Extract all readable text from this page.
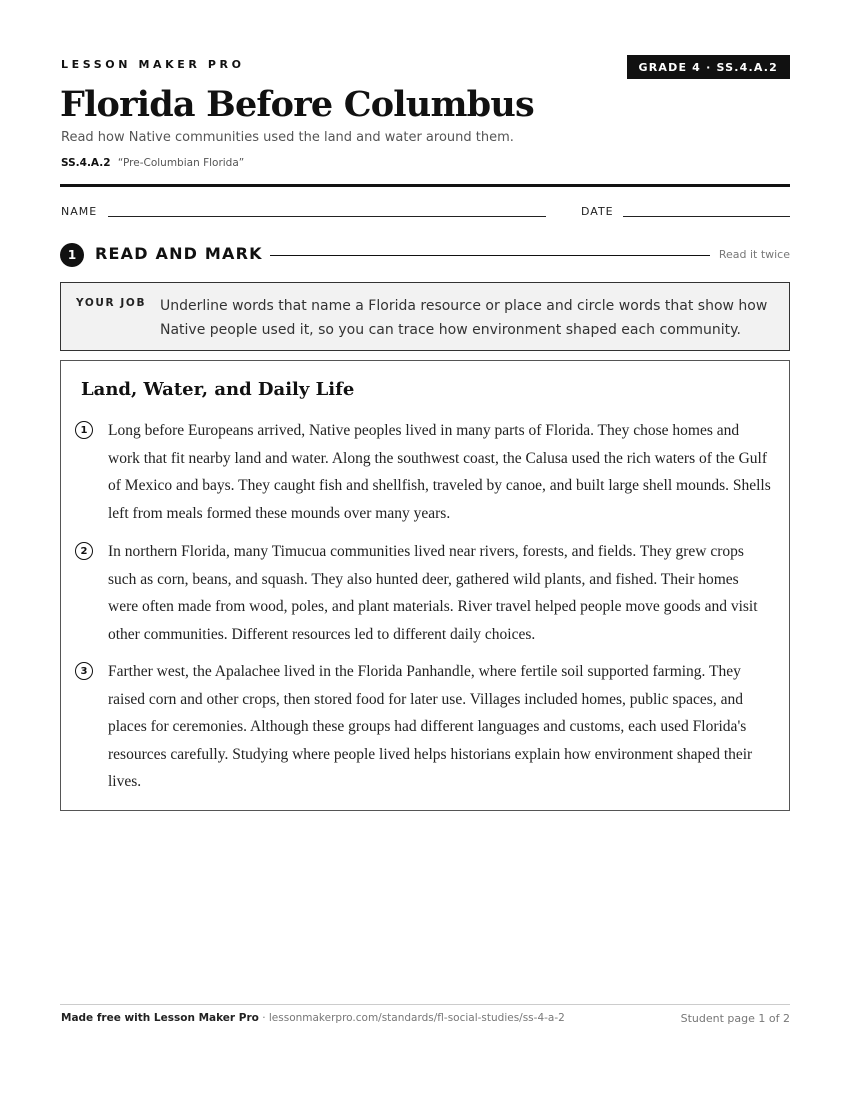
LESSON MAKER PRO	GRADE 4 · SS.4.A.2
Florida Before Columbus
Read how Native communities used the land and water around them.
SS.4.A.2 “Pre-Columbian Florida”
NAME	DATE
1	READ AND MARK	Read it twice
YOUR JOB Underline words that name a Florida resource or place and circle words that show how Native people used it, so you can trace how environment shaped each community.
Land, Water, and Daily Life
1	Long before Europeans arrived, Native peoples lived in many parts of Florida. They chose homes and work that fit nearby land and water. Along the southwest coast, the Calusa used the rich waters of the Gulf of Mexico and bays. They caught fish and shellfish, traveled by canoe, and built large shell mounds. Shells left from meals formed these mounds over many years.
2	In northern Florida, many Timucua communities lived near rivers, forests, and fields. They grew crops such as corn, beans, and squash. They also hunted deer, gathered wild plants, and fished. Their homes were often made from wood, poles, and plant materials. River travel helped people move goods and visit other communities. Different resources led to different daily choices.
3	Farther west, the Apalachee lived in the Florida Panhandle, where fertile soil supported farming. They raised corn and other crops, then stored food for later use. Villages included homes, public spaces, and places for ceremonies. Although these groups had different languages and customs, each used Florida's resources carefully. Studying where people lived helps historians explain how environment shaped their lives.
Made free with Lesson Maker Pro · lessonmakerpro.com/standards/fl-social-studies/ss-4-a-2	Student page 1 of 2
